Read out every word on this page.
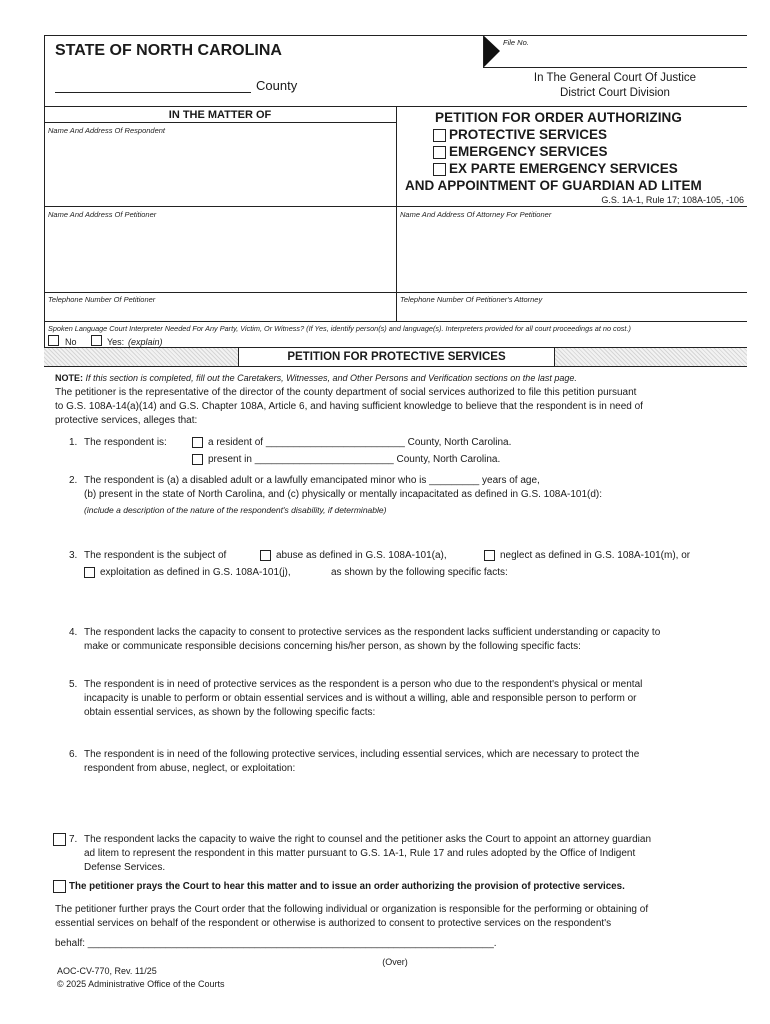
STATE OF NORTH CAROLINA	File No.
County	In The General Court Of Justice
District Court Division
IN THE MATTER OF
Name And Address Of Respondent
PETITION FOR ORDER AUTHORIZING
PROTECTIVE SERVICES
EMERGENCY SERVICES
EX PARTE EMERGENCY SERVICES
AND APPOINTMENT OF GUARDIAN AD LITEM
G.S. 1A-1, Rule 17; 108A-105, -106
Name And Address Of Petitioner	Name And Address Of Attorney For Petitioner
Telephone Number Of Petitioner	Telephone Number Of Petitioner's Attorney
Spoken Language Court Interpreter Needed For Any Party, Victim, Or Witness? (If Yes, identify person(s) and language(s). Interpreters provided for all court proceedings at no cost.)
No	Yes: (explain)
PETITION FOR PROTECTIVE SERVICES
NOTE: If this section is completed, fill out the Caretakers, Witnesses, and Other Persons and Verification sections on the last page.
The petitioner is the representative of the director of the county department of social services authorized to file this petition pursuant
to G.S. 108A-14(a)(14) and G.S. Chapter 108A, Article 6, and having sufficient knowledge to believe that the respondent is in need of
protective services, alleges that:
1. The respondent is:	a resident of _________________________ County, North Carolina.
present in _________________________ County, North Carolina.
2. The respondent is (a) a disabled adult or a lawfully emancipated minor who is _________ years of age,
(b) present in the state of North Carolina, and (c) physically or mentally incapacitated as defined in G.S. 108A-101(d):
(include a description of the nature of the respondent's disability, if determinable)
3. The respondent is the subject of	abuse as defined in G.S. 108A-101(a),	neglect as defined in G.S. 108A-101(m), or
exploitation as defined in G.S. 108A-101(j),	as shown by the following specific facts:
4. The respondent lacks the capacity to consent to protective services as the respondent lacks sufficient understanding or capacity to
make or communicate responsible decisions concerning his/her person, as shown by the following specific facts:
5. The respondent is in need of protective services as the respondent is a person who due to the respondent's physical or mental
incapacity is unable to perform or obtain essential services and is without a willing, able and responsible person to perform or
obtain essential services, as shown by the following specific facts:
6. The respondent is in need of the following protective services, including essential services, which are necessary to protect the
respondent from abuse, neglect, or exploitation:
7. The respondent lacks the capacity to waive the right to counsel and the petitioner asks the Court to appoint an attorney guardian
ad litem to represent the respondent in this matter pursuant to G.S. 1A-1, Rule 17 and rules adopted by the Office of Indigent
Defense Services.
The petitioner prays the Court to hear this matter and to issue an order authorizing the provision of protective services.
The petitioner further prays the Court order that the following individual or organization is responsible for the performing or obtaining of
essential services on behalf of the respondent or otherwise is authorized to consent to protective services on the respondent's
behalf: _________________________________________________________________________.
(Over)
AOC-CV-770, Rev. 11/25
© 2025 Administrative Office of the Courts
